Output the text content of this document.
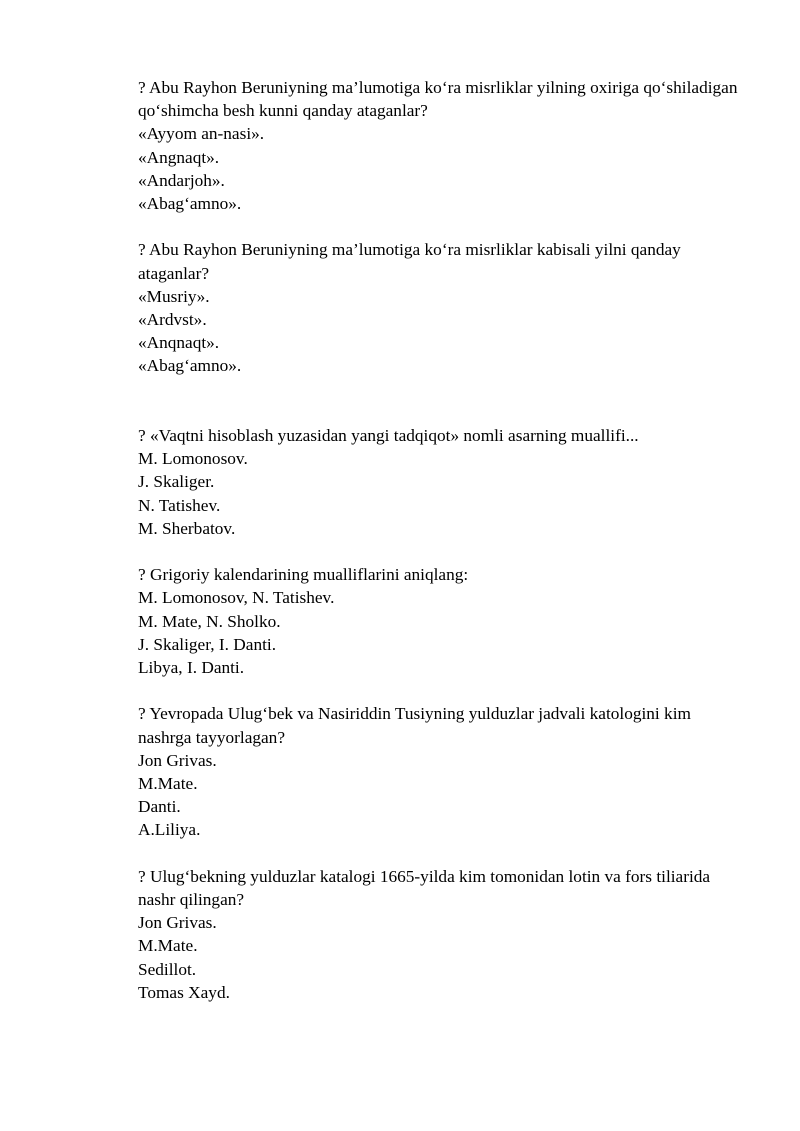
? Abu Rayhon Beruniyning ma’lumotiga ko‘ra misrliklar yilning oxiriga qo‘shiladigan qo‘shimcha besh kunni qanday ataganlar?
«Ayyom an-nasi».
«Angnaqt».
«Andarjoh».
«Abag‘amno».
? Abu Rayhon Beruniyning ma’lumotiga ko‘ra misrliklar kabisali yilni qanday ataganlar?
«Musriy».
«Ardvst».
«Anqnaqt».
«Abag‘amno».
? «Vaqtni hisoblash yuzasidan yangi tadqiqot» nomli asarning muallifi...
M. Lomonosov.
J. Skaliger.
N. Tatishev.
M. Sherbatov.
? Grigoriy kalendarining mualliflarini aniqlang:
M. Lomonosov, N. Tatishev.
M. Mate, N. Sholko.
J. Skaliger, I. Danti.
Libya, I. Danti.
? Yevropada Ulug‘bek va Nasiriddin Tusiyning yulduzlar jadvali katologini kim nashrga tayyorlagan?
Jon Grivas.
M.Mate.
Danti.
A.Liliya.
? Ulug‘bekning yulduzlar katalogi 1665-yilda kim tomonidan lotin va fors tiliarida nashr qilingan?
Jon Grivas.
M.Mate.
Sedillot.
Tomas Xayd.
